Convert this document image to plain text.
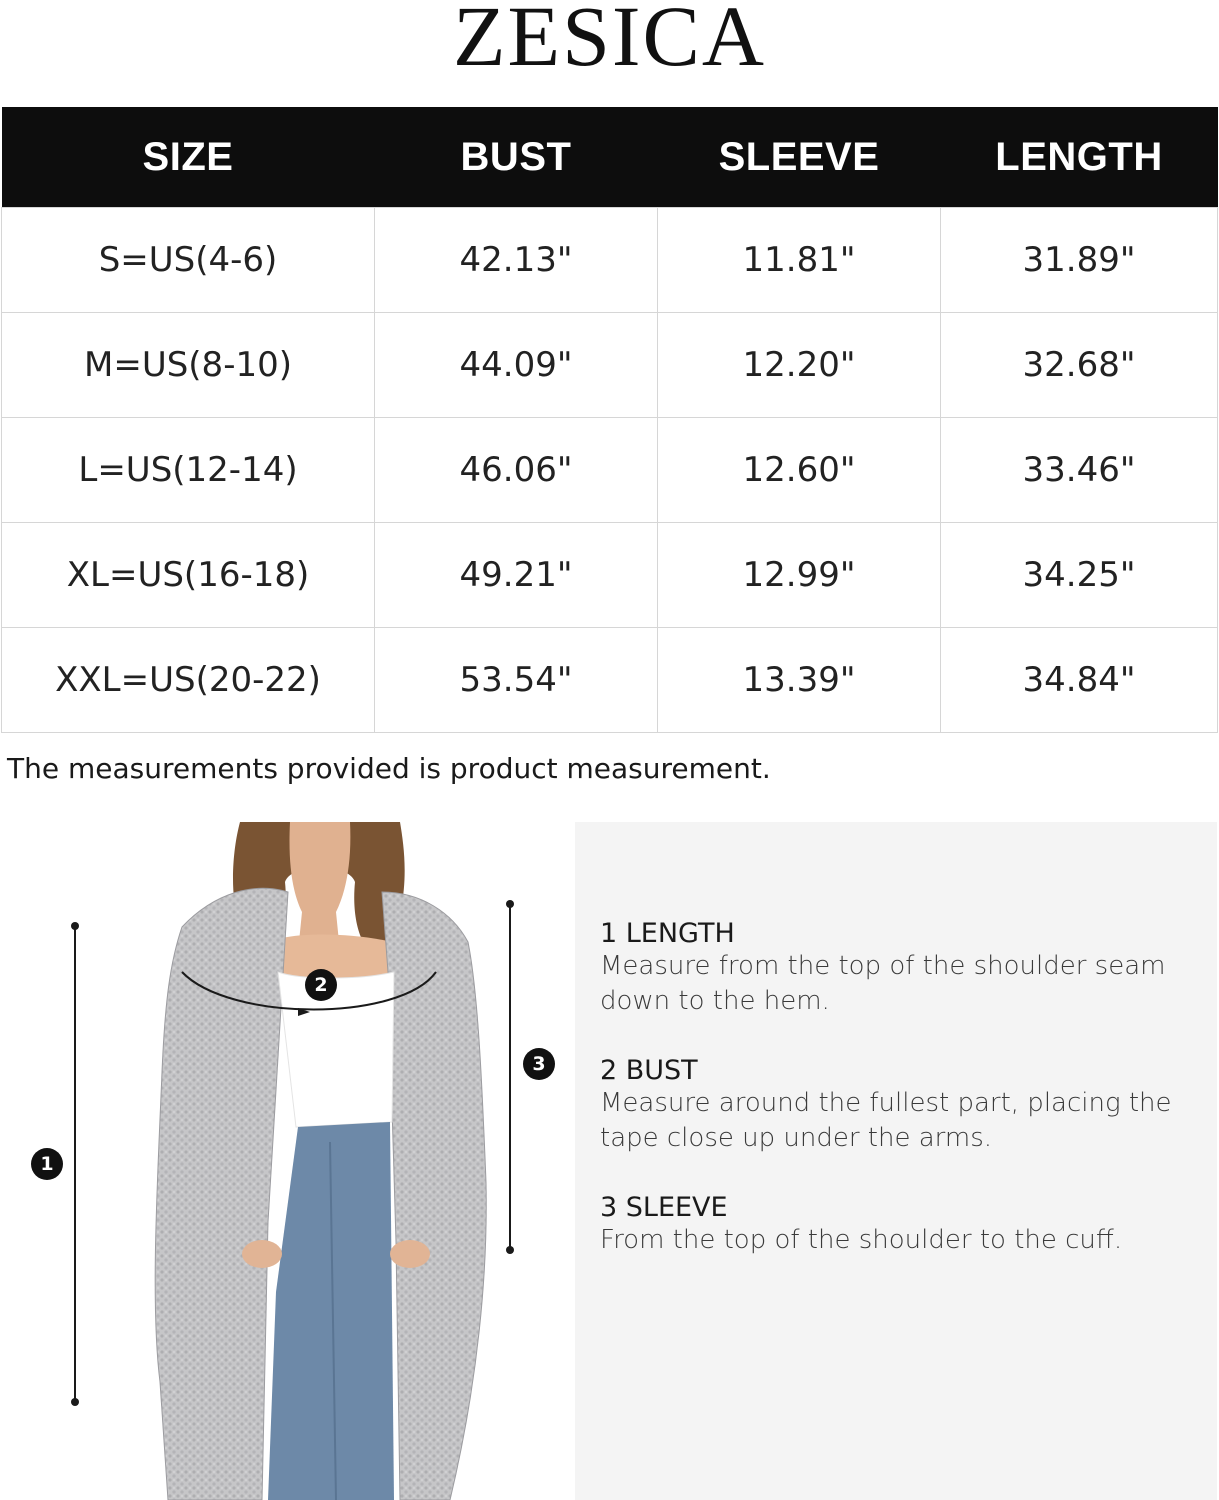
ZESICA
SIZE	BUST	SLEEVE	LENGTH
S=US(4-6)	42.13"	11.81"	31.89"
M=US(8-10)	44.09"	12.20"	32.68"
L=US(12-14)	46.06"	12.60"	33.46"
XL=US(16-18)	49.21"	12.99"	34.25"
XXL=US(20-22)	53.54"	13.39"	34.84"
The measurements provided is product measurement.
1
2
3
1 LENGTH
Measure from the top of the shoulder seam down to the hem.
2 BUST
Measure around the fullest part, placing the tape close up under the arms.
3 SLEEVE
From the top of the shoulder to the cuff.
